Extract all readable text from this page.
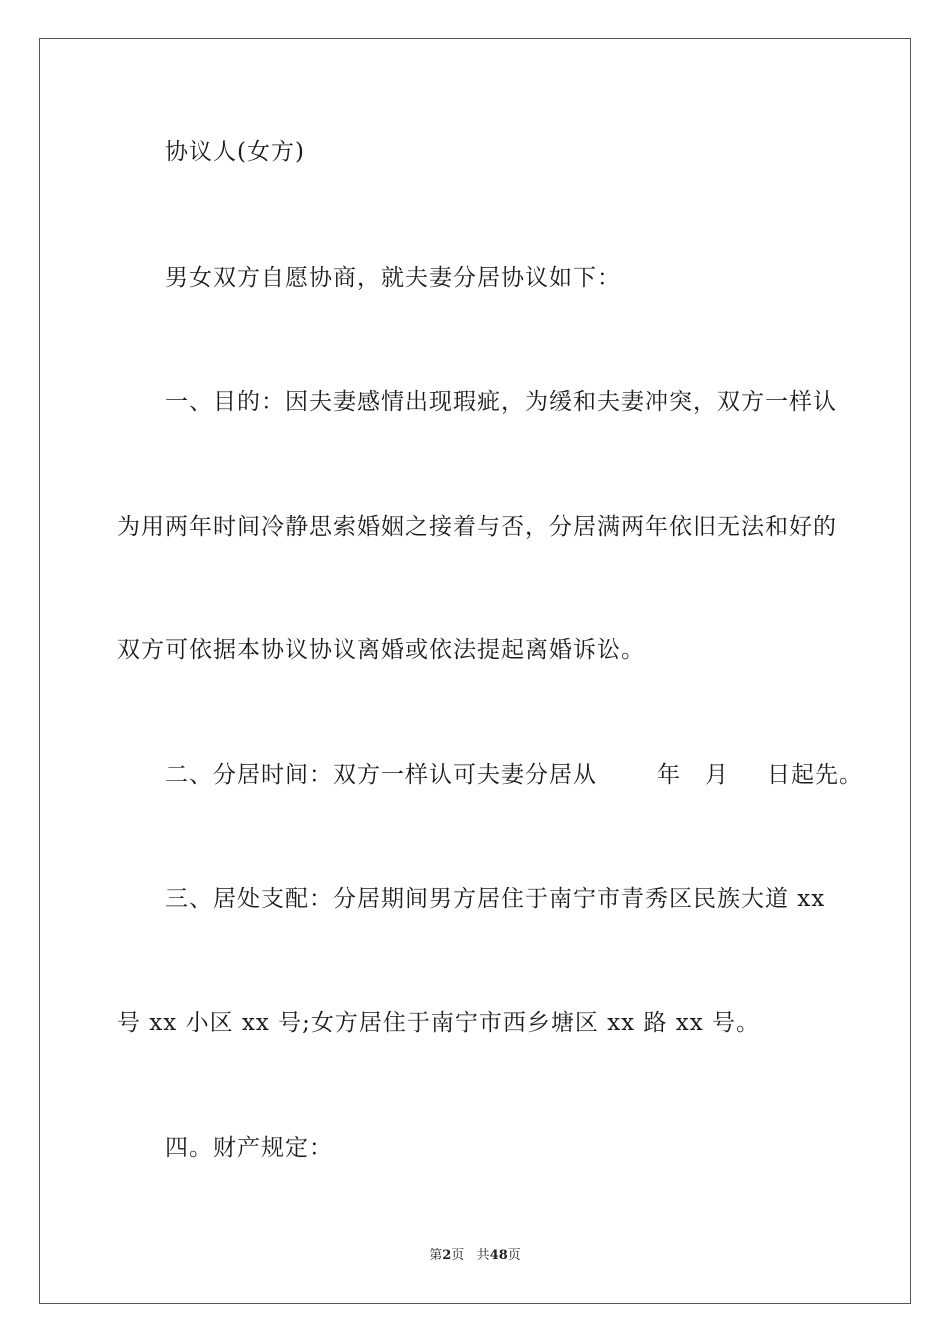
协议人(女方)
男女双方自愿协商，就夫妻分居协议如下：
一、目的：因夫妻感情出现瑕疵，为缓和夫妻冲突，双方一样认
为用两年时间冷静思索婚姻之接着与否，分居满两年依旧无法和好的
双方可依据本协议协议离婚或依法提起离婚诉讼。
二、分居时间：双方一样认可夫妻分居从	年 月 日起先。
三、居处支配：分居期间男方居住于南宁市青秀区民族大道 xx
号 xx 小区 xx 号;女方居住于南宁市西乡塘区 xx 路 xx 号。
四。财产规定：
第2页 共48页
